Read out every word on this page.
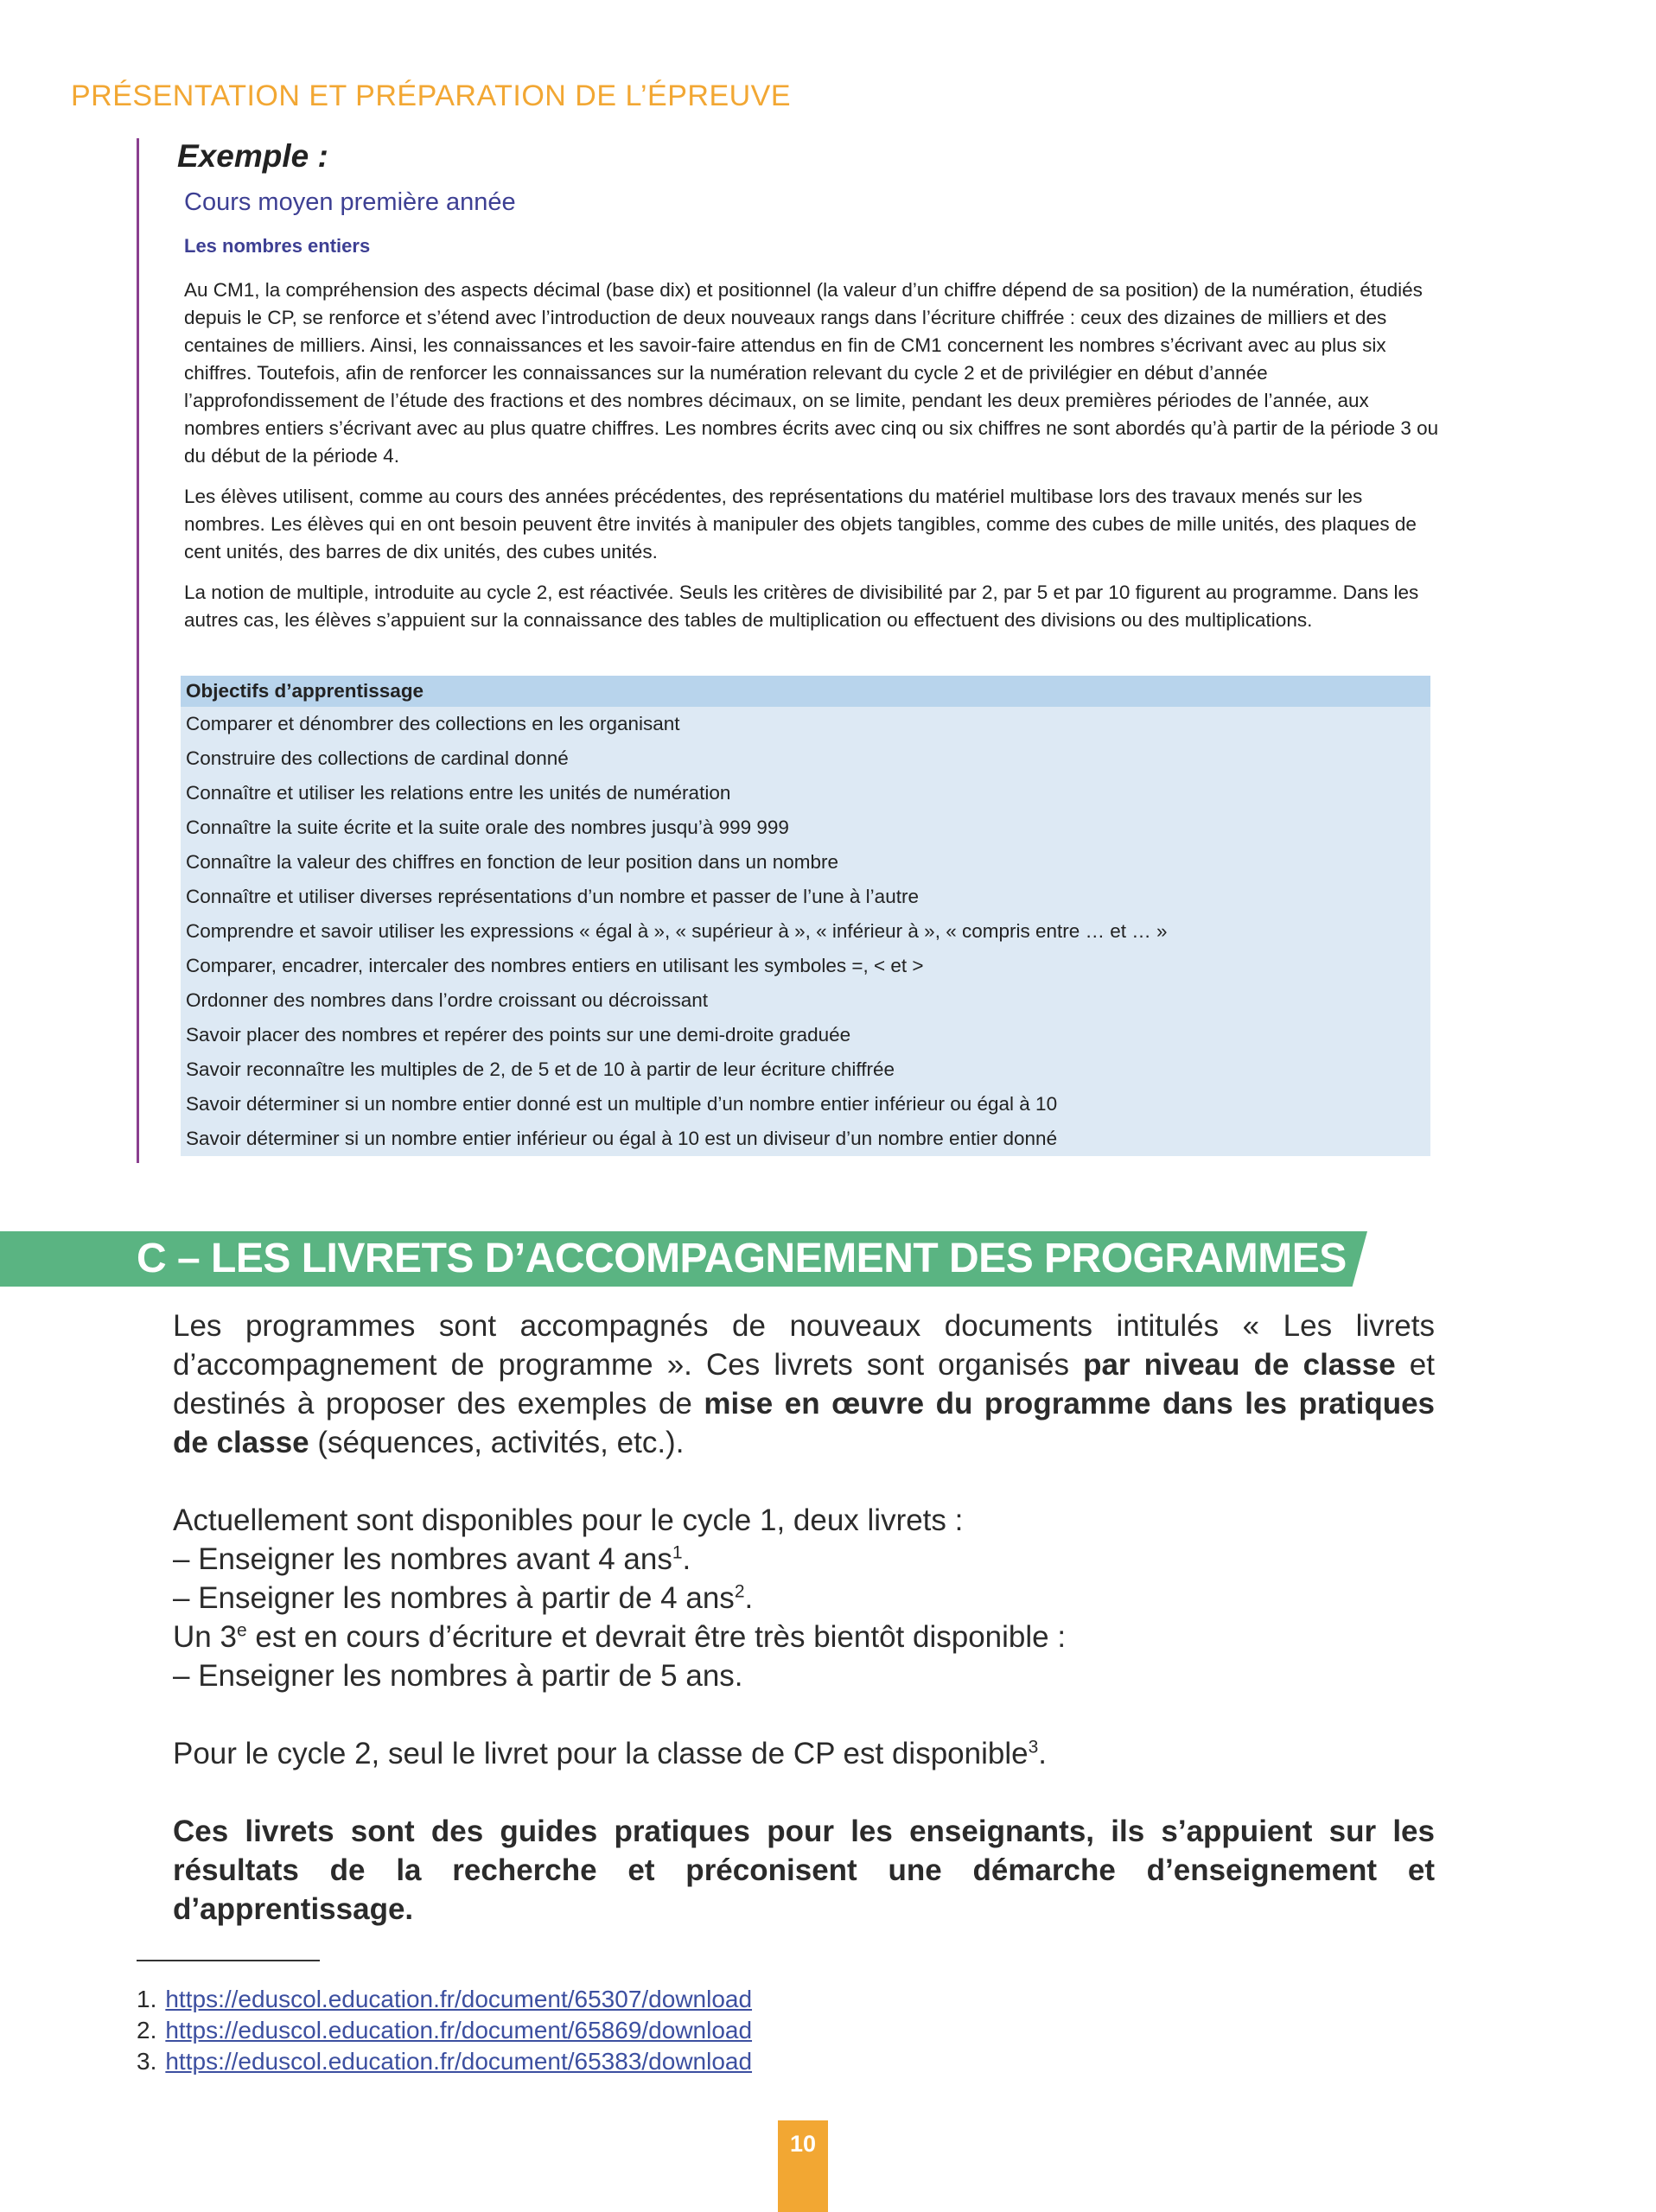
PRÉSENTATION ET PRÉPARATION DE L’ÉPREUVE
Exemple :
Cours moyen première année
Les nombres entiers

Au CM1, la compréhension des aspects décimal (base dix) et positionnel (la valeur d’un chiffre dépend de sa position) de la numération, étudiés depuis le CP, se renforce et s’étend avec l’introduction de deux nouveaux rangs dans l’écriture chiffrée : ceux des dizaines de milliers et des centaines de milliers. Ainsi, les connaissances et les savoir-faire attendus en fin de CM1 concernent les nombres s’écrivant avec au plus six chiffres. Toutefois, afin de renforcer les connaissances sur la numération relevant du cycle 2 et de privilégier en début d’année l’approfondissement de l’étude des fractions et des nombres décimaux, on se limite, pendant les deux premières périodes de l’année, aux nombres entiers s’écrivant avec au plus quatre chiffres. Les nombres écrits avec cinq ou six chiffres ne sont abordés qu’à partir de la période 3 ou du début de la période 4.

Les élèves utilisent, comme au cours des années précédentes, des représentations du matériel multibase lors des travaux menés sur les nombres. Les élèves qui en ont besoin peuvent être invités à manipuler des objets tangibles, comme des cubes de mille unités, des plaques de cent unités, des barres de dix unités, des cubes unités.

La notion de multiple, introduite au cycle 2, est réactivée. Seuls les critères de divisibilité par 2, par 5 et par 10 figurent au programme. Dans les autres cas, les élèves s’appuient sur la connaissance des tables de multiplication ou effectuent des divisions ou des multiplications.

Objectifs d’apprentissage
Comparer et dénombrer des collections en les organisant
Construire des collections de cardinal donné
Connaître et utiliser les relations entre les unités de numération
Connaître la suite écrite et la suite orale des nombres jusqu’à 999 999
Connaître la valeur des chiffres en fonction de leur position dans un nombre
Connaître et utiliser diverses représentations d’un nombre et passer de l’une à l’autre
Comprendre et savoir utiliser les expressions « égal à », « supérieur à », « inférieur à », « compris entre … et … »
Comparer, encadrer, intercaler des nombres entiers en utilisant les symboles =, < et >
Ordonner des nombres dans l’ordre croissant ou décroissant
Savoir placer des nombres et repérer des points sur une demi-droite graduée
Savoir reconnaître les multiples de 2, de 5 et de 10 à partir de leur écriture chiffrée
Savoir déterminer si un nombre entier donné est un multiple d’un nombre entier inférieur ou égal à 10
Savoir déterminer si un nombre entier inférieur ou égal à 10 est un diviseur d’un nombre entier donné
C – LES LIVRETS D’ACCOMPAGNEMENT DES PROGRAMMES

Les programmes sont accompagnés de nouveaux documents intitulés « Les livrets d’accompagnement de programme ». Ces livrets sont organisés par niveau de classe et destinés à proposer des exemples de mise en œuvre du programme dans les pratiques de classe (séquences, activités, etc.).

Actuellement sont disponibles pour le cycle 1, deux livrets :

– Enseigner les nombres avant 4 ans$^1$.

– Enseigner les nombres à partir de 4 ans$^2$.

Un 3e est en cours d’écriture et devrait être très bientôt disponible :

– Enseigner les nombres à partir de 5 ans.

Pour le cycle 2, seul le livret pour la classe de CP est disponible$^3$.

Ces livrets sont des guides pratiques pour les enseignants, ils s’appuient sur les résultats de la recherche et préconisent une démarche d’enseignement et d’apprentissage.

1. https://eduscol.education.fr/document/65307/download
2. https://eduscol.education.fr/document/65869/download
3. https://eduscol.education.fr/document/65383/download
10
